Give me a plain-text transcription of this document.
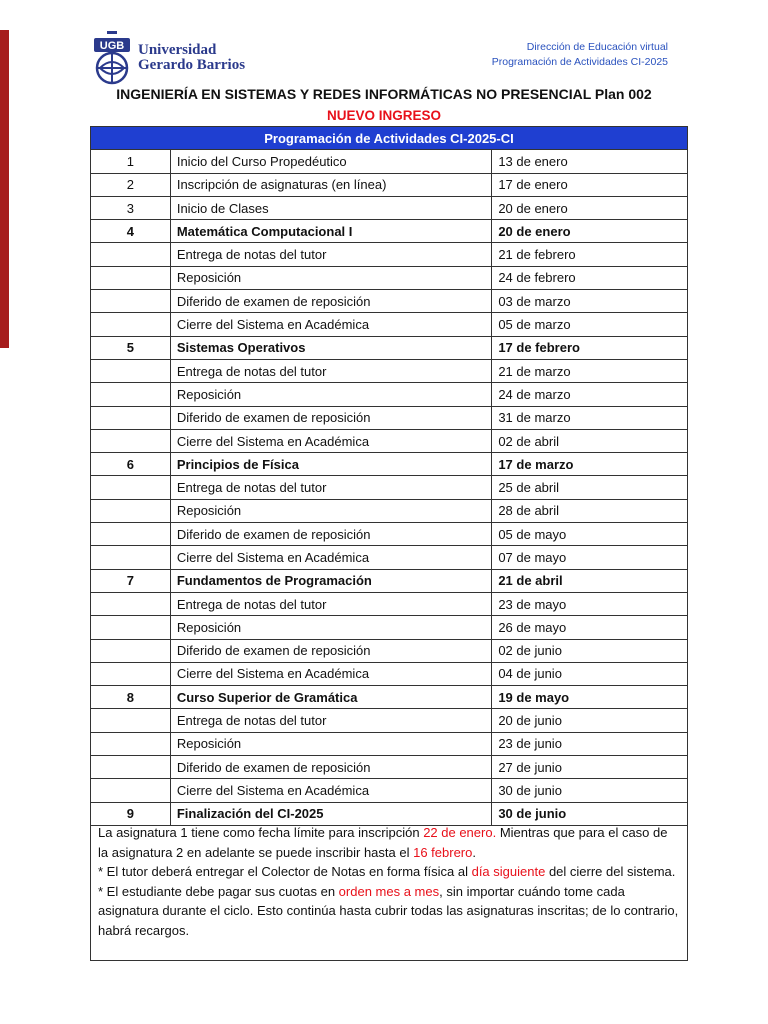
UGB Universidad
Gerardo Barrios
Dirección de Educación virtual
Programación de Actividades CI-2025
INGENIERÍA EN SISTEMAS Y REDES INFORMÁTICAS NO PRESENCIAL Plan 002
NUEVO INGRESO
Programación de Actividades CI-2025-CI		
1	Inicio del Curso Propedéutico	13 de enero
2	Inscripción de asignaturas (en línea)	17 de enero
3	Inicio de Clases	20 de enero
4	Matemática Computacional I	20 de enero
	Entrega de notas del tutor	21 de febrero
	Reposición	24 de febrero
	Diferido de examen de reposición	03 de marzo
	Cierre del Sistema en Académica	05 de marzo
5	Sistemas Operativos	17 de febrero
	Entrega de notas del tutor	21 de marzo
	Reposición	24 de marzo
	Diferido de examen de reposición	31 de marzo
	Cierre del Sistema en Académica	02 de abril
6	Principios de Física	17 de marzo
	Entrega de notas del tutor	25 de abril
	Reposición	28 de abril
	Diferido de examen de reposición	05 de mayo
	Cierre del Sistema en Académica	07 de mayo
7	Fundamentos de Programación	21 de abril
	Entrega de notas del tutor	23 de mayo
	Reposición	26 de mayo
	Diferido de examen de reposición	02 de junio
	Cierre del Sistema en Académica	04 de junio
8	Curso Superior de Gramática	19 de mayo
	Entrega de notas del tutor	20 de junio
	Reposición	23 de junio
	Diferido de examen de reposición	27 de junio
	Cierre del Sistema en Académica	30 de junio
9	Finalización del CI-2025	30 de junio
La asignatura 1 tiene como fecha límite para inscripción 22 de enero. Mientras que para el caso de la asignatura 2 en adelante se puede inscribir hasta el 16 febrero.
* El tutor deberá entregar el Colector de Notas en forma física al día siguiente del cierre del sistema.
* El estudiante debe pagar sus cuotas en orden mes a mes, sin importar cuándo tome cada asignatura durante el ciclo. Esto continúa hasta cubrir todas las asignaturas inscritas; de lo contrario, habrá recargos.
